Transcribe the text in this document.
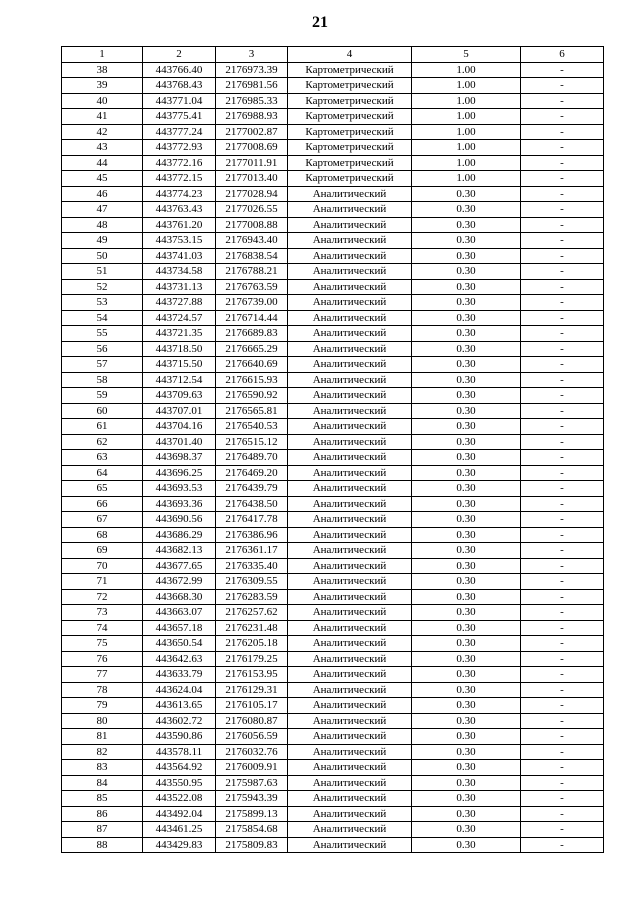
21
1	2	3	4	5	6
38	443766.40	2176973.39	Картометрический	1.00	-
39	443768.43	2176981.56	Картометрический	1.00	-
40	443771.04	2176985.33	Картометрический	1.00	-
41	443775.41	2176988.93	Картометрический	1.00	-
42	443777.24	2177002.87	Картометрический	1.00	-
43	443772.93	2177008.69	Картометрический	1.00	-
44	443772.16	2177011.91	Картометрический	1.00	-
45	443772.15	2177013.40	Картометрический	1.00	-
46	443774.23	2177028.94	Аналитический	0.30	-
47	443763.43	2177026.55	Аналитический	0.30	-
48	443761.20	2177008.88	Аналитический	0.30	-
49	443753.15	2176943.40	Аналитический	0.30	-
50	443741.03	2176838.54	Аналитический	0.30	-
51	443734.58	2176788.21	Аналитический	0.30	-
52	443731.13	2176763.59	Аналитический	0.30	-
53	443727.88	2176739.00	Аналитический	0.30	-
54	443724.57	2176714.44	Аналитический	0.30	-
55	443721.35	2176689.83	Аналитический	0.30	-
56	443718.50	2176665.29	Аналитический	0.30	-
57	443715.50	2176640.69	Аналитический	0.30	-
58	443712.54	2176615.93	Аналитический	0.30	-
59	443709.63	2176590.92	Аналитический	0.30	-
60	443707.01	2176565.81	Аналитический	0.30	-
61	443704.16	2176540.53	Аналитический	0.30	-
62	443701.40	2176515.12	Аналитический	0.30	-
63	443698.37	2176489.70	Аналитический	0.30	-
64	443696.25	2176469.20	Аналитический	0.30	-
65	443693.53	2176439.79	Аналитический	0.30	-
66	443693.36	2176438.50	Аналитический	0.30	-
67	443690.56	2176417.78	Аналитический	0.30	-
68	443686.29	2176386.96	Аналитический	0.30	-
69	443682.13	2176361.17	Аналитический	0.30	-
70	443677.65	2176335.40	Аналитический	0.30	-
71	443672.99	2176309.55	Аналитический	0.30	-
72	443668.30	2176283.59	Аналитический	0.30	-
73	443663.07	2176257.62	Аналитический	0.30	-
74	443657.18	2176231.48	Аналитический	0.30	-
75	443650.54	2176205.18	Аналитический	0.30	-
76	443642.63	2176179.25	Аналитический	0.30	-
77	443633.79	2176153.95	Аналитический	0.30	-
78	443624.04	2176129.31	Аналитический	0.30	-
79	443613.65	2176105.17	Аналитический	0.30	-
80	443602.72	2176080.87	Аналитический	0.30	-
81	443590.86	2176056.59	Аналитический	0.30	-
82	443578.11	2176032.76	Аналитический	0.30	-
83	443564.92	2176009.91	Аналитический	0.30	-
84	443550.95	2175987.63	Аналитический	0.30	-
85	443522.08	2175943.39	Аналитический	0.30	-
86	443492.04	2175899.13	Аналитический	0.30	-
87	443461.25	2175854.68	Аналитический	0.30	-
88	443429.83	2175809.83	Аналитический	0.30	-
